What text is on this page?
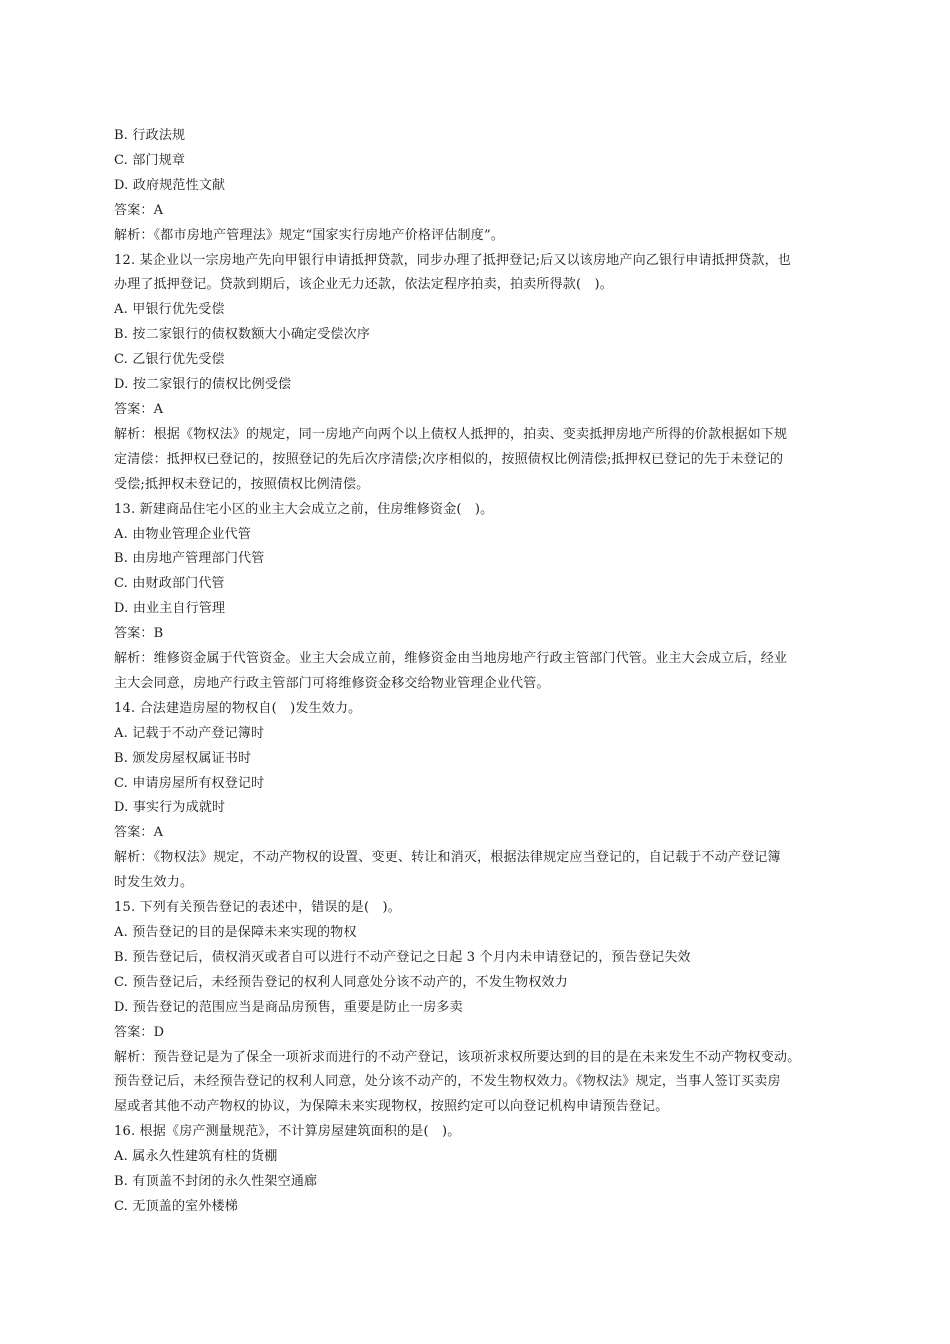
B. 行政法规
C. 部门规章
D. 政府规范性文献
答案：A
解析：《都市房地产管理法》规定“国家实行房地产价格评估制度”。
12. 某企业以一宗房地产先向甲银行申请抵押贷款，同步办理了抵押登记;后又以该房地产向乙银行申请抵押贷款，也
办理了抵押登记。贷款到期后，该企业无力还款，依法定程序拍卖，拍卖所得款(　)。
A. 甲银行优先受偿
B. 按二家银行的债权数额大小确定受偿次序
C. 乙银行优先受偿
D. 按二家银行的债权比例受偿
答案：A
解析：根据《物权法》的规定，同一房地产向两个以上债权人抵押的，拍卖、变卖抵押房地产所得的价款根据如下规
定清偿：抵押权已登记的，按照登记的先后次序清偿;次序相似的，按照债权比例清偿;抵押权已登记的先于未登记的
受偿;抵押权未登记的，按照债权比例清偿。
13. 新建商品住宅小区的业主大会成立之前，住房维修资金(　)。
A. 由物业管理企业代管
B. 由房地产管理部门代管
C. 由财政部门代管
D. 由业主自行管理
答案：B
解析：维修资金属于代管资金。业主大会成立前，维修资金由当地房地产行政主管部门代管。业主大会成立后，经业
主大会同意，房地产行政主管部门可将维修资金移交给物业管理企业代管。
14. 合法建造房屋的物权自(　)发生效力。
A. 记载于不动产登记簿时
B. 颁发房屋权属证书时
C. 申请房屋所有权登记时
D. 事实行为成就时
答案：A
解析：《物权法》规定，不动产物权的设置、变更、转让和消灭，根据法律规定应当登记的，自记载于不动产登记簿
时发生效力。
15. 下列有关预告登记的表述中，错误的是(　)。
A. 预告登记的目的是保障未来实现的物权
B. 预告登记后，债权消灭或者自可以进行不动产登记之日起 3 个月内未申请登记的，预告登记失效
C. 预告登记后，未经预告登记的权利人同意处分该不动产的，不发生物权效力
D. 预告登记的范围应当是商品房预售，重要是防止一房多卖
答案：D
解析：预告登记是为了保全一项祈求而进行的不动产登记，该项祈求权所要达到的目的是在未来发生不动产物权变动。
预告登记后，未经预告登记的权利人同意，处分该不动产的，不发生物权效力。《物权法》规定，当事人签订买卖房
屋或者其他不动产物权的协议，为保障未来实现物权，按照约定可以向登记机构申请预告登记。
16. 根据《房产测量规范》，不计算房屋建筑面积的是(　)。
A. 属永久性建筑有柱的货棚
B. 有顶盖不封闭的永久性架空通廊
C. 无顶盖的室外楼梯
